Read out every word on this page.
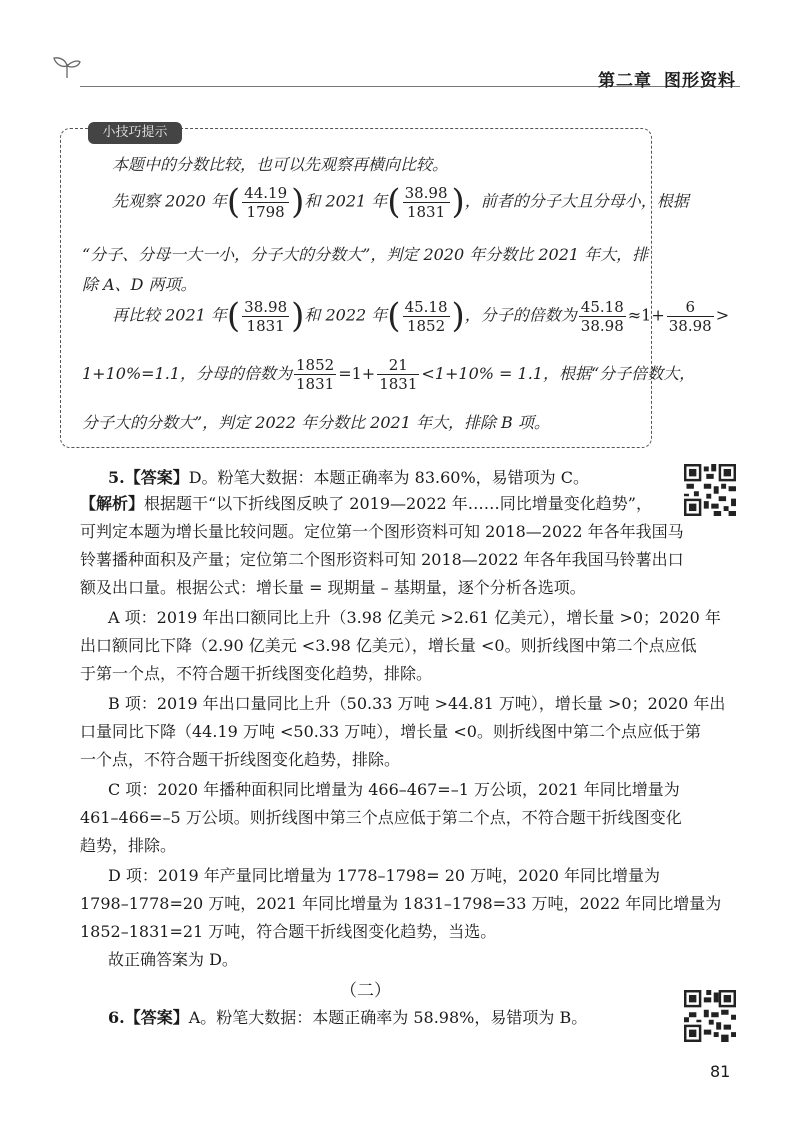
第二章 图形资料
小技巧提示
本题中的分数比较，也可以先观察再横向比较。
先观察 2020 年( $\frac{44.19}{1798}$ )和 2021 年( $\frac{38.98}{1831}$ )，前者的分子大且分母小，根据
“分子、分母一大一小，分子大的分数大”，判定 2020 年分数比 2021 年大，排
除 A、D 两项。
再比较 2021 年( $\frac{38.98}{1831}$ )和 2022 年( $\frac{45.18}{1852}$ )，分子的倍数为 $\frac{45.18}{38.98} \approx 1+ \frac{6}{38.98}$ >
1+10%=1.1，分母的倍数为 $\frac{1852}{1831} =1+ \frac{21}{1831} <1+10\% = 1.1$，根据“分子倍数大，
分子大的分数大”，判定 2022 年分数比 2021 年大，排除 B 项。
5.【答案】D。粉笔大数据：本题正确率为 83.60%，易错项为 C。
【解析】根据题干“以下折线图反映了 2019—2022 年……同比增量变化趋势”，
可判定本题为增长量比较问题。定位第一个图形资料可知 2018—2022 年各年我国马
铃薯播种面积及产量；定位第二个图形资料可知 2018—2022 年各年我国马铃薯出口
额及出口量。根据公式：增长量 = 现期量 – 基期量，逐个分析各选项。
A 项：2019 年出口额同比上升（3.98 亿美元 >2.61 亿美元），增长量 >0；2020 年
出口额同比下降（2.90 亿美元 <3.98 亿美元），增长量 <0。则折线图中第二个点应低
于第一个点，不符合题干折线图变化趋势，排除。
B 项：2019 年出口量同比上升（50.33 万吨 >44.81 万吨），增长量 >0；2020 年出
口量同比下降（44.19 万吨 <50.33 万吨），增长量 <0。则折线图中第二个点应低于第
一个点，不符合题干折线图变化趋势，排除。
C 项：2020 年播种面积同比增量为 466–467=–1 万公顷，2021 年同比增量为
461–466=–5 万公顷。则折线图中第三个点应低于第二个点，不符合题干折线图变化
趋势，排除。
D 项：2019 年产量同比增量为 1778–1798= 20 万吨，2020 年同比增量为
1798–1778=20 万吨，2021 年同比增量为 1831–1798=33 万吨，2022 年同比增量为
1852–1831=21 万吨，符合题干折线图变化趋势，当选。
故正确答案为 D。
（二）
6.【答案】A。粉笔大数据：本题正确率为 58.98%，易错项为 B。
81
